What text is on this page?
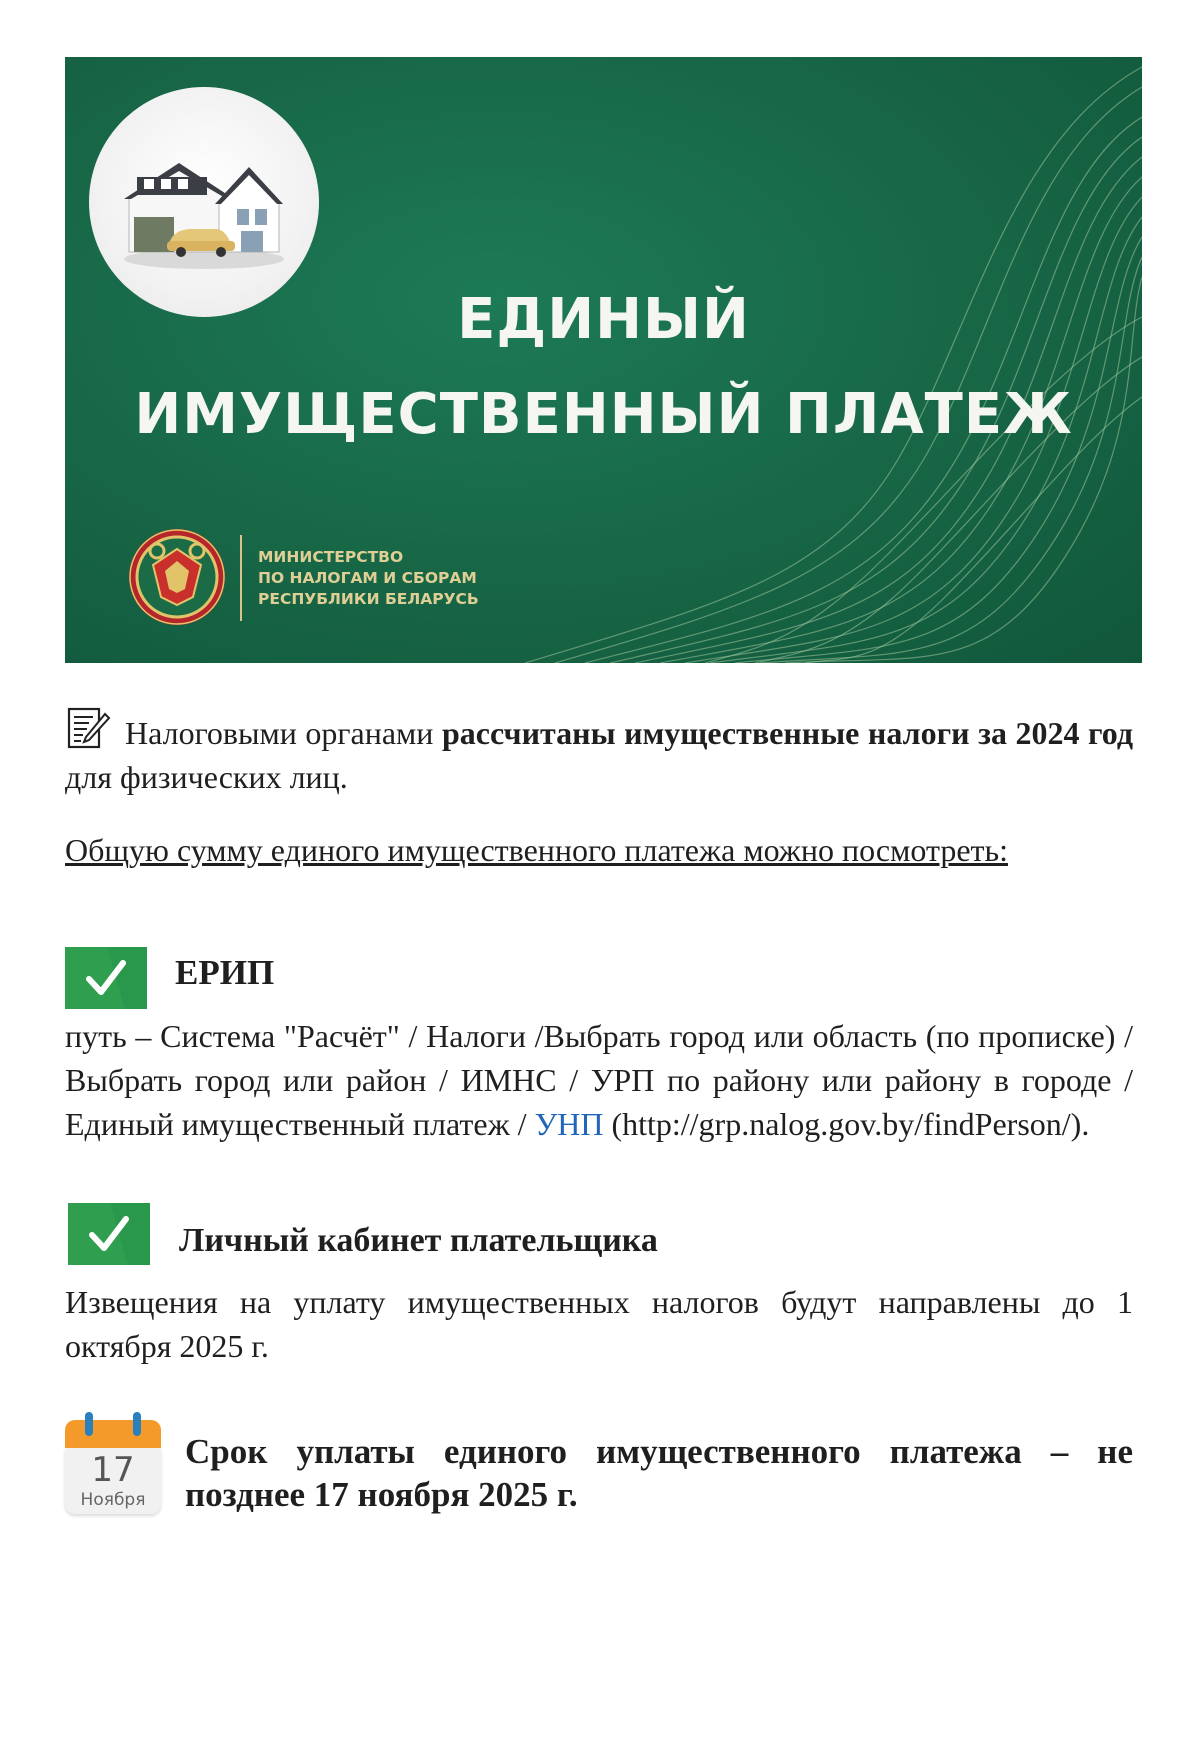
ЕДИНЫЙ
ИМУЩЕСТВЕННЫЙ ПЛАТЕЖ
МИНИСТЕРСТВО
ПО НАЛОГАМ И СБОРАМ
РЕСПУБЛИКИ БЕЛАРУСЬ

Налоговыми органами рассчитаны имущественные налоги за 2024 год для физических лиц.

Общую сумму единого имущественного платежа можно посмотреть:

ЕРИП

путь – Система "Расчёт" / Налоги /Выбрать город или область (по прописке) / Выбрать город или район / ИМНС / УРП по району или району в городе / Единый имущественный платеж / УНП (http://grp.nalog.gov.by/findPerson/).

Личный кабинет плательщика

Извещения на уплату имущественных налогов будут направлены до 1 октября 2025 г.

17
Ноября

Срок уплаты единого имущественного платежа – не позднее 17 ноября 2025 г.
